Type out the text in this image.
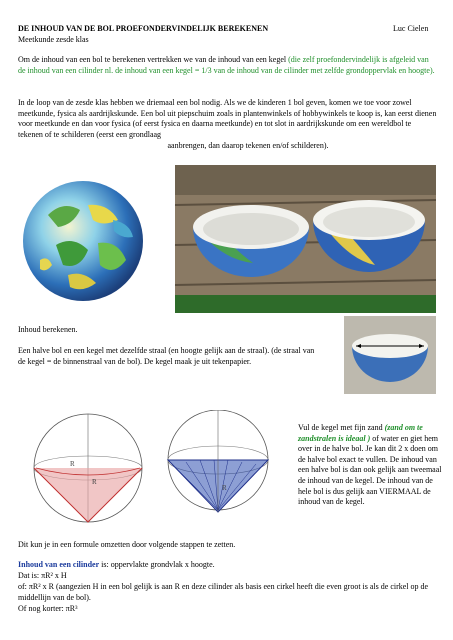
DE INHOUD VAN DE BOL PROEFONDERVINDELIJK BEREKENEN	Luc Cielen
Meetkunde zesde klas
Om de inhoud van een bol te berekenen vertrekken we van de inhoud van een kegel (die zelf proefondervindelijk is afgeleid van de inhoud van een cilinder nl. de inhoud van een kegel = 1/3 van de inhoud van de cilinder met zelfde grondoppervlak en hoogte).
In de loop van de zesde klas hebben we driemaal een bol nodig. Als we de kinderen 1 bol geven, komen we toe voor zowel meetkunde, fysica als aardrijkskunde. Een bol uit piepschuim zoals in plantenwinkels of hobbywinkels te koop is, kan eerst dienen voor meetkunde en dan voor fysica (of eerst fysica en daarna meetkunde) en tot slot in aardrijkskunde om een wereldbol te tekenen of te schilderen (eerst een grondlaag
aanbrengen, dan daarop tekenen en/of schilderen).
Inhoud berekenen.
Een halve bol en een kegel met dezelfde straal (en hoogte gelijk aan de straal). (de straal van de kegel = de binnenstraal van de bol). De kegel maak je uit tekenpapier.
R
R
R
Vul de kegel met fijn zand (zand om te zandstralen is ideaal ) of water en giet hem over in de halve bol. Je kan dit 2 x doen om de halve bol exact te vullen. De inhoud van een halve bol is dan ook gelijk aan tweemaal de inhoud van de kegel. De inhoud van de hele bol is dus gelijk aan VIERMAAL de inhoud van de kegel.
Dit kun je in een formule omzetten door volgende stappen te zetten.
Inhoud van een cilinder is: oppervlakte grondvlak x hoogte.
Dat is: πR² x H
of: πR² x R (aangezien H in een bol gelijk is aan R en deze cilinder als basis een cirkel heeft die even groot is als de cirkel op de middellijn van de bol).
Of nog korter: πR³
